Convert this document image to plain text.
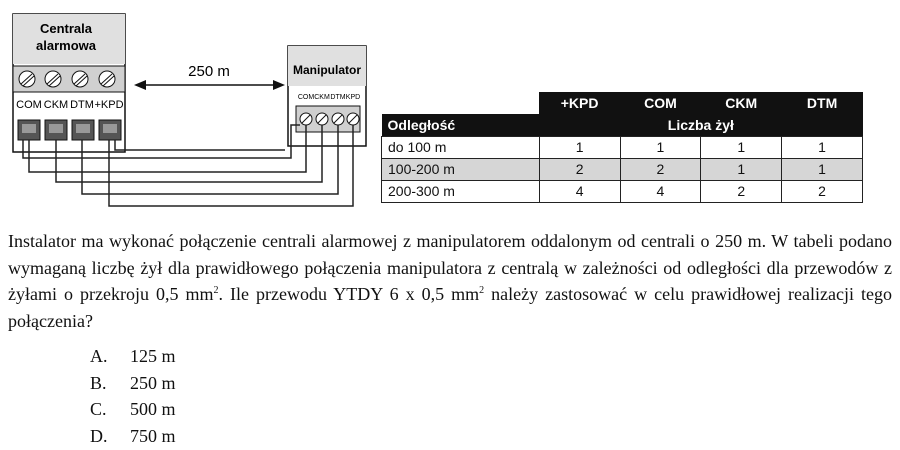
Centrala
alarmowa
COM CKM DTM +KPD
250 m	Manipulator
COM CKM DTM KPD
		+KPD	COM	CKM	DTM
Odległość	Liczba żył			
do 100 m	1	1	1	1
100-200 m	2	2	1	1
200-300 m	4	4	2	2
Instalator ma wykonać połączenie centrali alarmowej z manipulatorem oddalonym od centrali o 250 m. W tabeli podano wymaganą liczbę żył dla prawidłowego połączenia manipulatora z centralą w zależności od odległości dla przewodów z żyłami o przekroju 0,5 $mm^2$. Ile przewodu YTDY 6 x 0,5 $mm^2$ należy zastosować w celu prawidłowej realizacji tego połączenia?
A. 125 m
B. 250 m
C. 500 m
D. 750 m
